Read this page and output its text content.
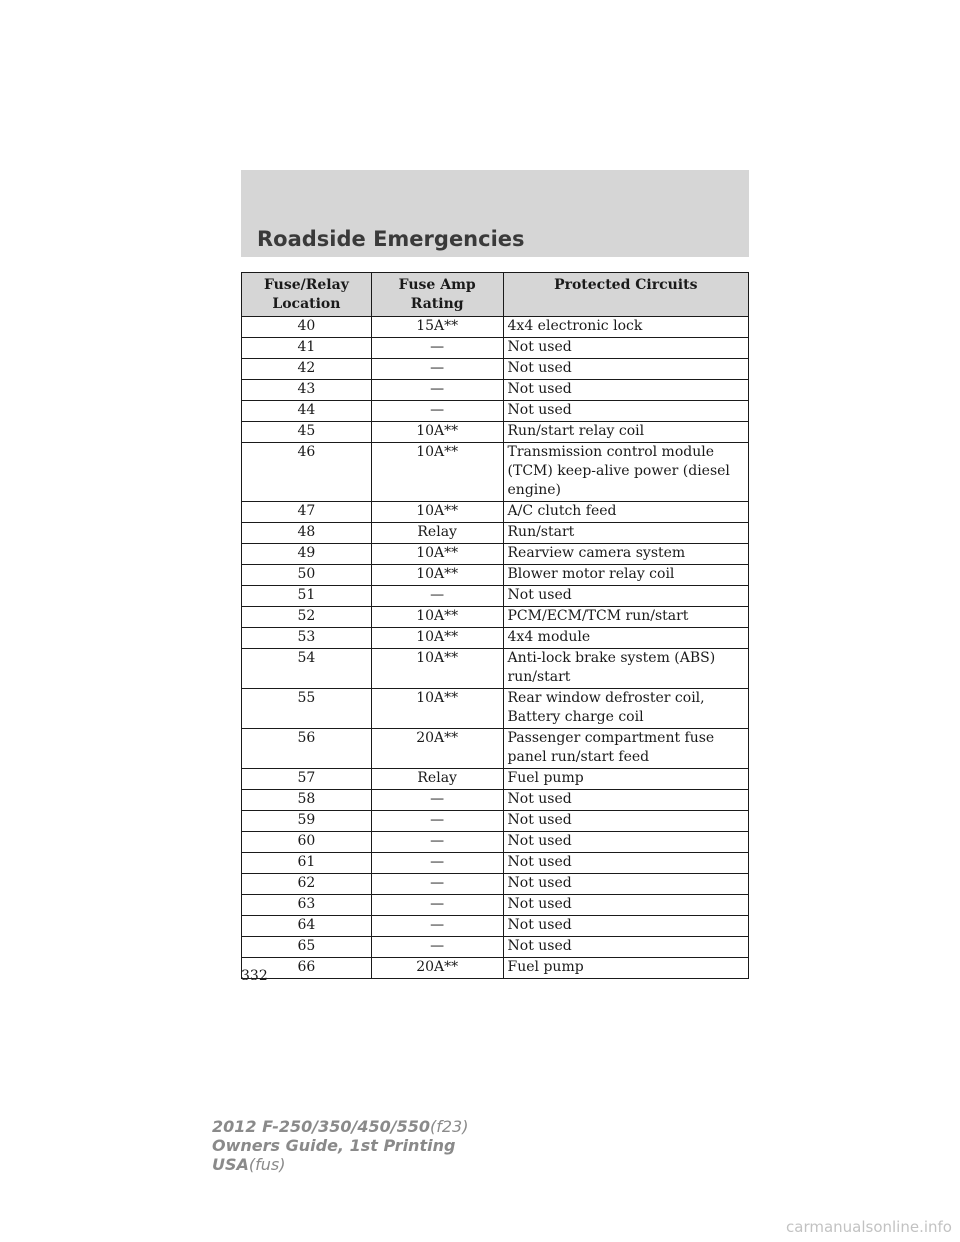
Roadside Emergencies
Fuse/Relay Location	Fuse Amp Rating	Protected Circuits
40	15A**	4x4 electronic lock
41	—	Not used
42	—	Not used
43	—	Not used
44	—	Not used
45	10A**	Run/start relay coil
46	10A**	Transmission control module (TCM) keep-alive power (diesel engine)
47	10A**	A/C clutch feed
48	Relay	Run/start
49	10A**	Rearview camera system
50	10A**	Blower motor relay coil
51	—	Not used
52	10A**	PCM/ECM/TCM run/start
53	10A**	4x4 module
54	10A**	Anti-lock brake system (ABS) run/start
55	10A**	Rear window defroster coil, Battery charge coil
56	20A**	Passenger compartment fuse panel run/start feed
57	Relay	Fuel pump
58	—	Not used
59	—	Not used
60	—	Not used
61	—	Not used
62	—	Not used
63	—	Not used
64	—	Not used
65	—	Not used
66	20A**	Fuel pump
332
2012 F-250/350/450/550(f23)
Owners Guide, 1st Printing
USA(fus)
carmanualsonline.info
